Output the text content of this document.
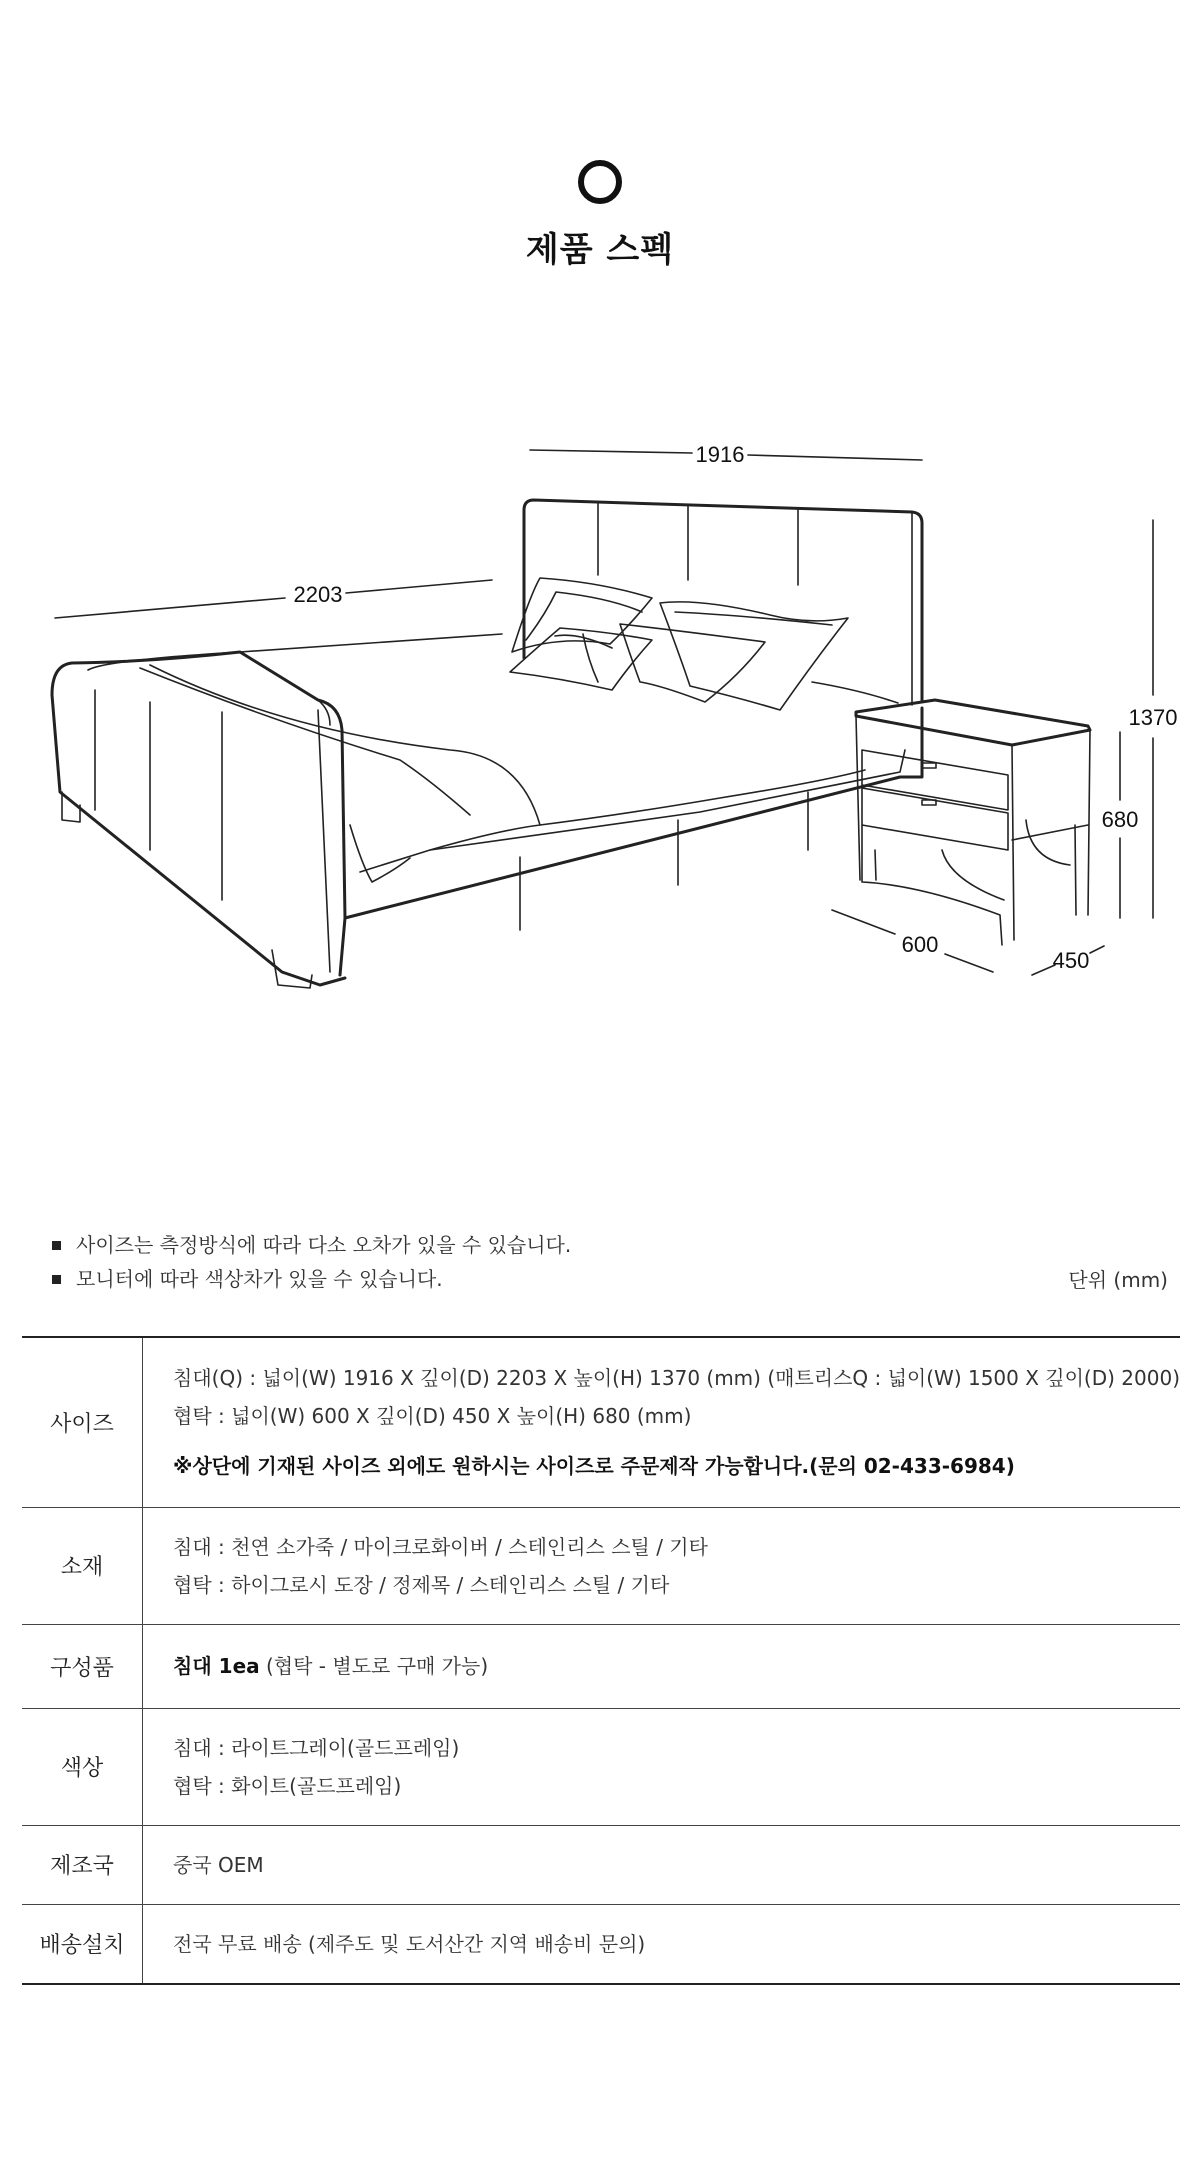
제품 스펙
1916
2203
1370
680
600
450
사이즈는 측정방식에 따라 다소 오차가 있을 수 있습니다.
모니터에 따라 색상차가 있을 수 있습니다.	단위 (mm)
사이즈	침대(Q) : 넓이(W) 1916 X 깊이(D) 2203 X 높이(H) 1370 (mm) (매트리스Q : 넓이(W) 1500 X 깊이(D) 2000)
협탁 : 넓이(W) 600 X 깊이(D) 450 X 높이(H) 680 (mm)
※상단에 기재된 사이즈 외에도 원하시는 사이즈로 주문제작 가능합니다.(문의 02-433-6984)

소재	침대 : 천연 소가죽 / 마이크로화이버 / 스테인리스 스틸 / 기타
협탁 : 하이그로시 도장 / 정제목 / 스테인리스 스틸 / 기타

구성품	침대 1ea (협탁 - 별도로 구매 가능)
색상	침대 : 라이트그레이(골드프레임)
협탁 : 화이트(골드프레임)

제조국	중국 OEM
배송설치	전국 무료 배송 (제주도 및 도서산간 지역 배송비 문의)
